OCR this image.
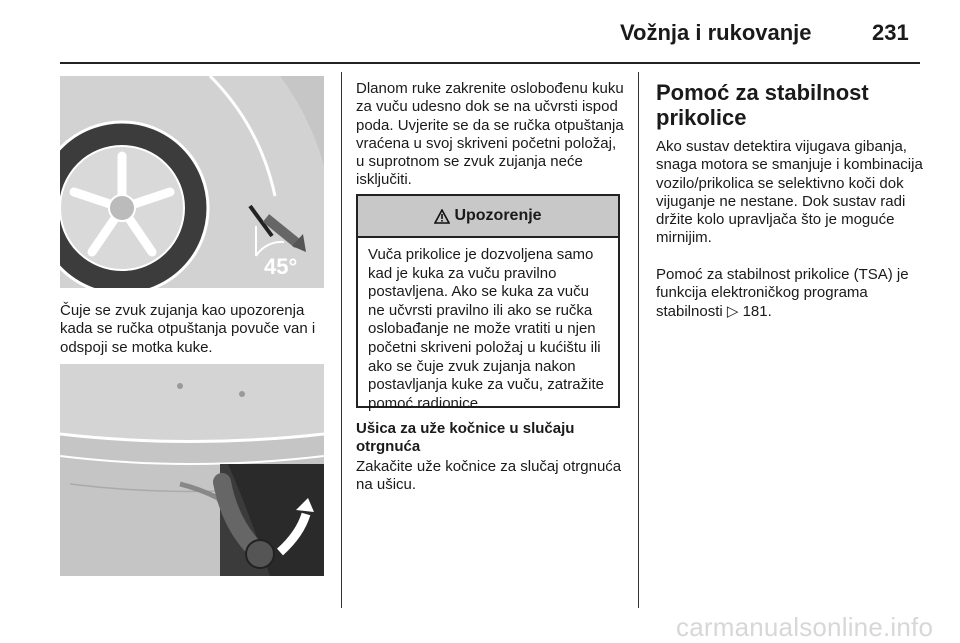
Vožnja i rukovanje	231
45°
Čuje se zvuk zujanja kao upozorenja kada se ručka otpuštanja povuče van i odspoji se motka kuke.
Dlanom ruke zakrenite oslobođenu kuku za vuču udesno dok se na učvrsti ispod poda. Uvjerite se da se ručka otpuštanja vraćena u svoj skriveni početni položaj, u suprotnom se zvuk zujanja neće isključiti.
Upozorenje
Vuča prikolice je dozvoljena samo kad je kuka za vuču pravilno postavljena. Ako se kuka za vuču ne učvrsti pravilno ili ako se ručka oslobađanje ne može vratiti u njen početni skriveni položaj u kućištu ili ako se čuje zvuk zujanja nakon postavljanja kuke za vuču, zatražite pomoć radionice.
Ušica za uže kočnice u slučaju otrgnuća
Zakačite uže kočnice za slučaj otrgnuća na ušicu.
Pomoć za stabilnost prikolice
Ako sustav detektira vijugava gibanja, snaga motora se smanjuje i kombinacija vozilo/prikolica se selektivno koči dok vijuganje ne nestane. Dok sustav radi držite kolo upravljača što je moguće mirnijim.
Pomoć za stabilnost prikolice (TSA) je funkcija elektroničkog programa stabilnosti ▷ 181.
carmanualsonline.info
